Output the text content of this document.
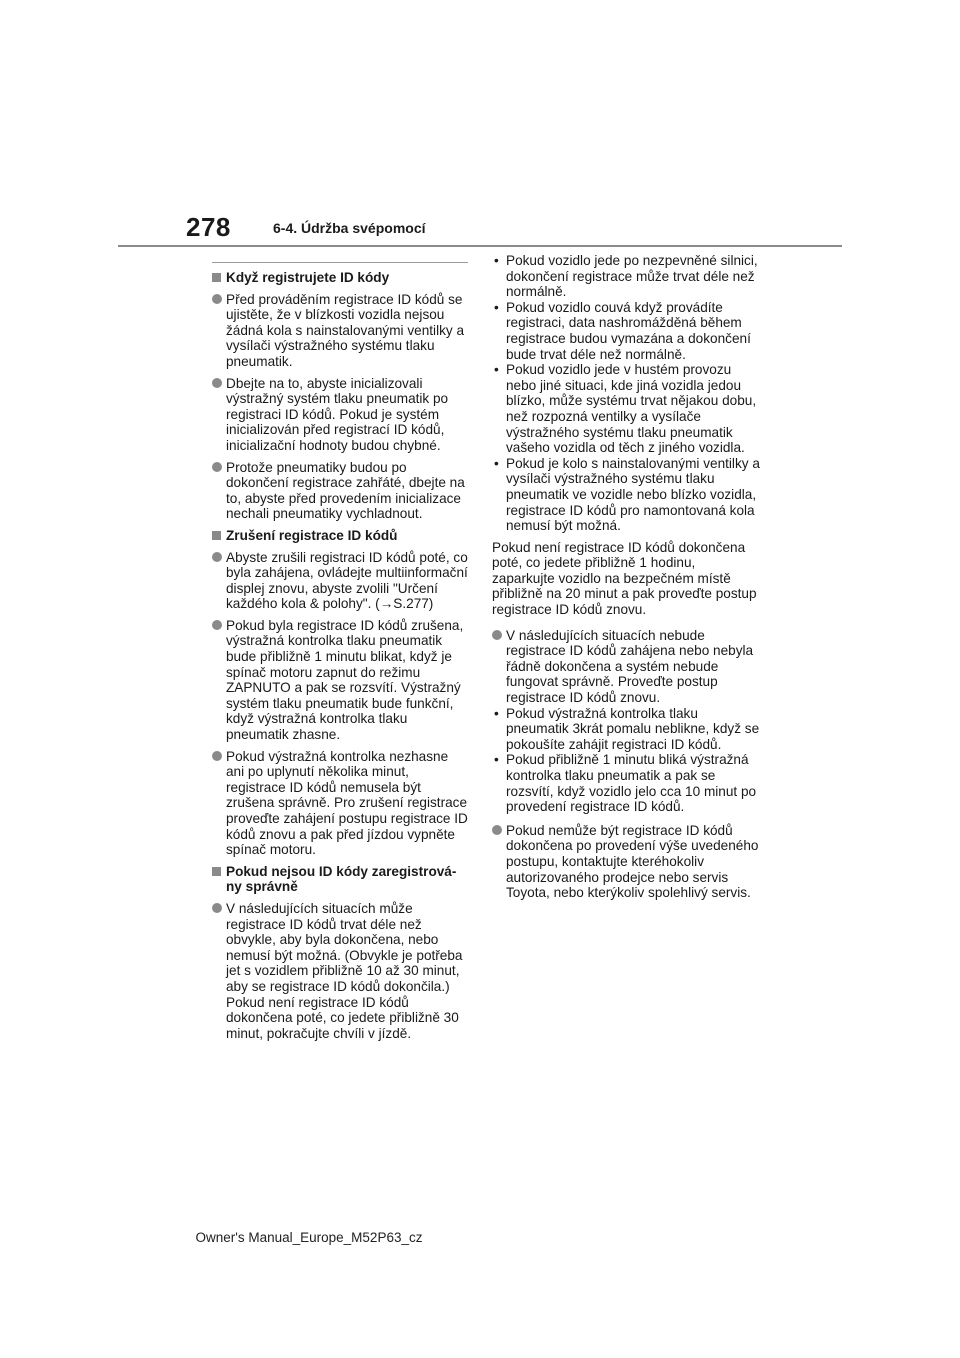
278	6-4. Údržba svépomocí
Když registrujete ID kódy
Před prováděním registrace ID kódů se ujistěte, že v blízkosti vozidla nejsou žádná kola s nainstalovanými ventilky a vysílači výstražného systému tlaku pneumatik.
Dbejte na to, abyste inicializovali výstražný systém tlaku pneumatik po registraci ID kódů. Pokud je systém inicializován před registrací ID kódů, inicializační hodnoty budou chybné.
Protože pneumatiky budou po dokončení registrace zahřáté, dbejte na to, abyste před provedením inicializace nechali pneumatiky vychladnout.
Zrušení registrace ID kódů
Abyste zrušili registraci ID kódů poté, co byla zahájena, ovládejte multiinformační displej znovu, abyste zvolili "Určení každého kola & polohy". (→S.277)
Pokud byla registrace ID kódů zrušena, výstražná kontrolka tlaku pneumatik bude přibližně 1 minutu blikat, když je spínač motoru zapnut do režimu ZAPNUTO a pak se rozsvítí. Výstražný systém tlaku pneumatik bude funkční, když výstražná kontrolka tlaku pneumatik zhasne.
Pokud výstražná kontrolka nezhasne ani po uplynutí několika minut, registrace ID kódů nemusela být zrušena správně. Pro zrušení registrace proveďte zahájení postupu registrace ID kódů znovu a pak před jízdou vypněte spínač motoru.
Pokud nejsou ID kódy zaregistrová- ny správně
V následujících situacích může registrace ID kódů trvat déle než obvykle, aby byla dokončena, nebo nemusí být možná. (Obvykle je potřeba jet s vozidlem přibližně 10 až 30 minut, aby se registrace ID kódů dokončila.) Pokud není registrace ID kódů dokončena poté, co jedete přibližně 30 minut, pokračujte chvíli v jízdě.
• Pokud vozidlo jede po nezpevněné silnici, dokončení registrace může trvat déle než normálně.
• Pokud vozidlo couvá když provádíte registraci, data nashromážděná během registrace budou vymazána a dokončení bude trvat déle než normálně.
• Pokud vozidlo jede v hustém provozu nebo jiné situaci, kde jiná vozidla jedou blízko, může systému trvat nějakou dobu, než rozpozná ventilky a vysílače výstražného systému tlaku pneumatik vašeho vozidla od těch z jiného vozidla.
• Pokud je kolo s nainstalovanými ventilky a vysílači výstražného systému tlaku pneumatik ve vozidle nebo blízko vozidla, registrace ID kódů pro namontovaná kola nemusí být možná.

Pokud není registrace ID kódů dokončena poté, co jedete přibližně 1 hodinu, zaparkujte vozidlo na bezpečném místě přibližně na 20 minut a pak proveďte postup registrace ID kódů znovu.

V následujících situacích nebude registrace ID kódů zahájena nebo nebyla řádně dokončena a systém nebude fungovat správně. Proveďte postup registrace ID kódů znovu.
• Pokud výstražná kontrolka tlaku pneumatik 3krát pomalu neblikne, když se pokoušíte zahájit registraci ID kódů.
• Pokud přibližně 1 minutu bliká výstražná kontrolka tlaku pneumatik a pak se rozsvítí, když vozidlo jelo cca 10 minut po provedení registrace ID kódů.
Pokud nemůže být registrace ID kódů dokončena po provedení výše uvedeného postupu, kontaktujte kteréhokoliv autorizovaného prodejce nebo servis Toyota, nebo kterýkoliv spolehlivý servis.
Owner's Manual_Europe_M52P63_cz
